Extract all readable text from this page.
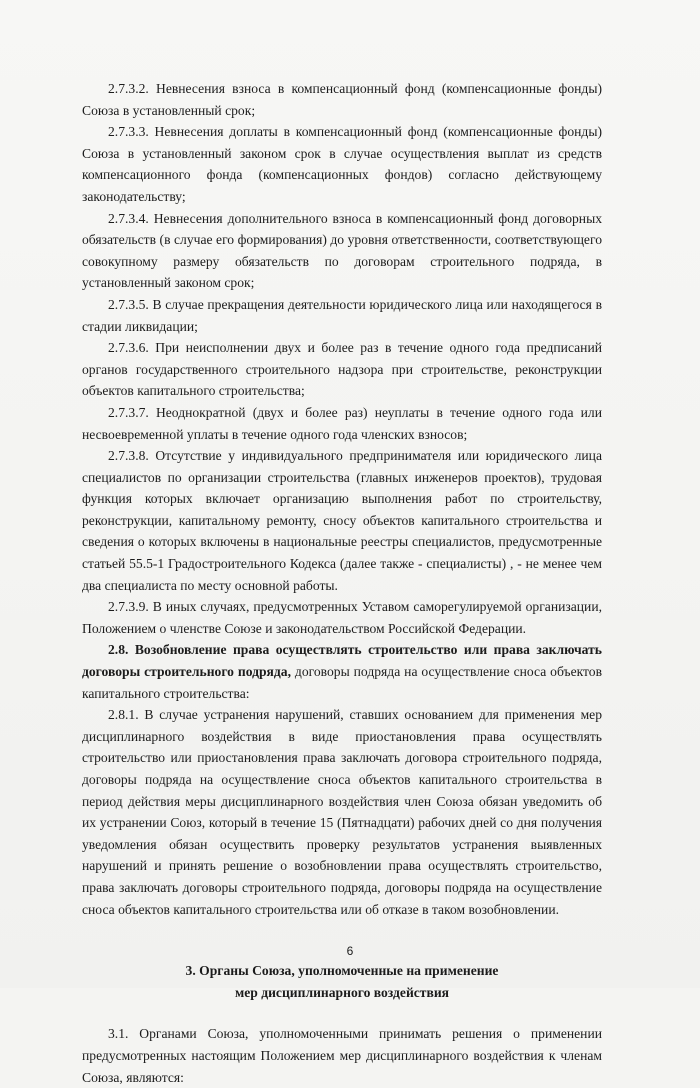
2.7.3.2. Невнесения взноса в компенсационный фонд (компенсационные фонды) Союза в установленный срок;

2.7.3.3. Невнесения доплаты в компенсационный фонд (компенсационные фонды) Союза в установленный законом срок в случае осуществления выплат из средств компенсационного фонда (компенсационных фондов) согласно действующему законодательству;

2.7.3.4. Невнесения дополнительного взноса в компенсационный фонд договорных обязательств (в случае его формирования) до уровня ответственности, соответствующего совокупному размеру обязательств по договорам строительного подряда, в установленный законом срок;

2.7.3.5. В случае прекращения деятельности юридического лица или находящегося в стадии ликвидации;

2.7.3.6. При неисполнении двух и более раз в течение одного года предписаний органов государственного строительного надзора при строительстве, реконструкции объектов капитального строительства;

2.7.3.7. Неоднократной (двух и более раз) неуплаты в течение одного года или несвоевременной уплаты в течение одного года членских взносов;

2.7.3.8. Отсутствие у индивидуального предпринимателя или юридического лица специалистов по организации строительства (главных инженеров проектов), трудовая функция которых включает организацию выполнения работ по строительству, реконструкции, капитальному ремонту, сносу объектов капитального строительства и сведения о которых включены в национальные реестры специалистов, предусмотренные статьей 55.5-1 Градостроительного Кодекса (далее также - специалисты) , - не менее чем два специалиста по месту основной работы.

2.7.3.9. В иных случаях, предусмотренных Уставом саморегулируемой организации, Положением о членстве Союзе и законодательством Российской Федерации.

2.8. Возобновление права осуществлять строительство или права заключать договоры строительного подряда, договоры подряда на осуществление сноса объектов капитального строительства:

2.8.1. В случае устранения нарушений, ставших основанием для применения мер дисциплинарного воздействия в виде приостановления права осуществлять строительство или приостановления права заключать договора строительного подряда, договоры подряда на осуществление сноса объектов капитального строительства в период действия меры дисциплинарного воздействия член Союза обязан уведомить об их устранении Союз, который в течение 15 (Пятнадцати) рабочих дней со дня получения уведомления обязан осуществить проверку результатов устранения выявленных нарушений и принять решение о возобновлении права осуществлять строительство, права заключать договоры строительного подряда, договоры подряда на осуществление сноса объектов капитального строительства или об отказе в таком возобновлении.

3. Органы Союза, уполномоченные на применение
мер дисциплинарного воздействия

3.1. Органами Союза, уполномоченными принимать решения о применении предусмотренных настоящим Положением мер дисциплинарного воздействия к членам Союза, являются:

6
